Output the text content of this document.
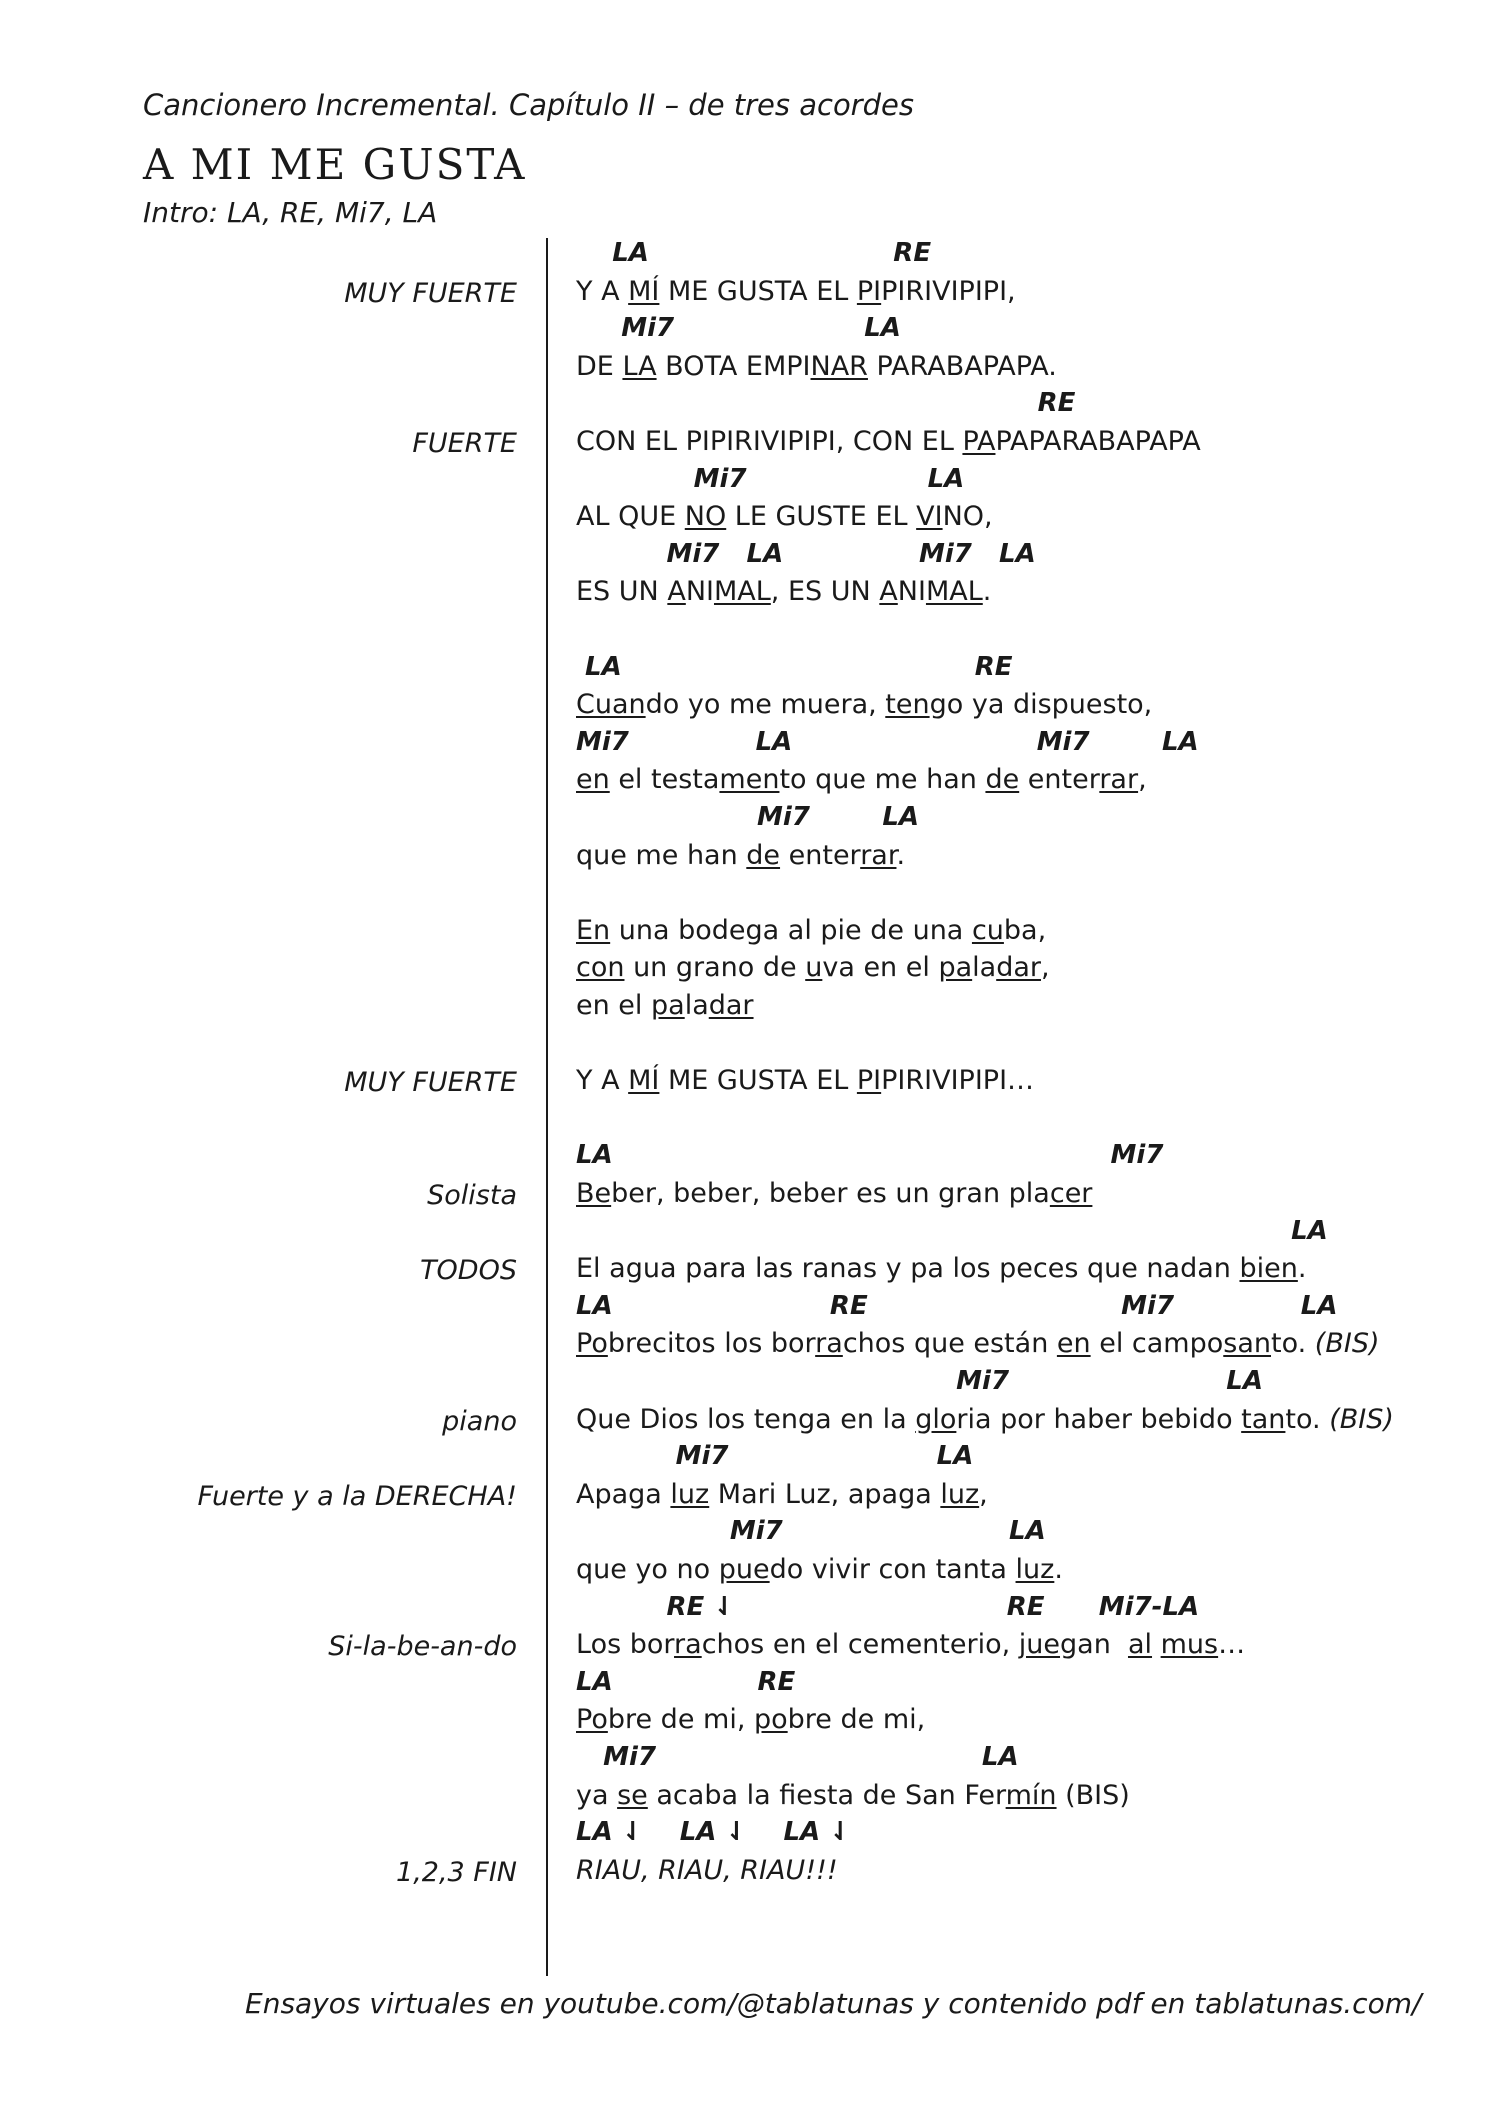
Cancionero Incremental. Capítulo II – de tres acordes
A MI ME GUSTA
Intro: LA, RE, Mi7, LA
MUY FUERTE
FUERTE
MUY FUERTE
Solista
TODOS
piano
Fuerte y a la DERECHA!
Si-la-be-an-do
1,2,3 FIN
LA                           RE
Y A MÍ ME GUSTA EL PIPIRIVIPIPI,
Mi7                     LA
DE LA BOTA EMPINAR PARABAPAPA.
RE
CON EL PIPIRIVIPIPI, CON EL PAPAPARABAPAPA
Mi7                    LA
AL QUE NO LE GUSTE EL VINO,
Mi7   LA               Mi7   LA
ES UN ANIMAL, ES UN ANIMAL.
LA                                       RE
Cuando yo me muera, tengo ya dispuesto,
Mi7              LA                           Mi7        LA
en el testamento que me han de enterrar,
Mi7        LA
que me han de enterrar.
En una bodega al pie de una cuba,
con un grano de uva en el paladar,
en el paladar
Y A MÍ ME GUSTA EL PIPIRIVIPIPI…
LA                                                       Mi7
Beber, beber, beber es un gran placer
LA
El agua para las ranas y pa los peces que nadan bien.
LA                        RE                            Mi7              LA
Pobrecitos los borrachos que están en el camposanto. (BIS)
Mi7                        LA
Que Dios los tenga en la gloria por haber bebido tanto. (BIS)
Mi7                       LA
Apaga luz Mari Luz, apaga luz,
Mi7                         LA
que yo no puedo vivir con tanta luz.
RE ⇃                              RE      Mi7-LA
Los borrachos en el cementerio, juegan  al mus…
LA                RE
Pobre de mi, pobre de mi,
Mi7                                    LA
ya se acaba la fiesta de San Fermín (BIS)
LA ⇃    LA ⇃    LA ⇃
RIAU, RIAU, RIAU!!!
Ensayos virtuales en youtube.com/@tablatunas y contenido pdf en tablatunas.com/
